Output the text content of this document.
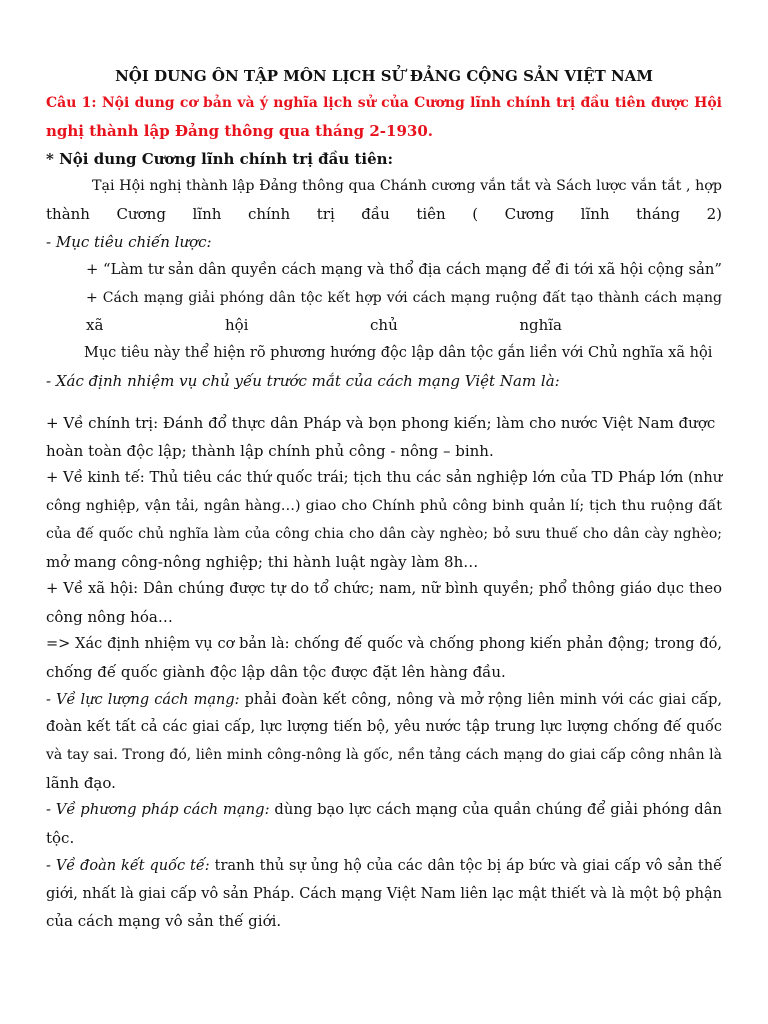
NỘI DUNG ÔN TẬP MÔN LỊCH SỬ ĐẢNG CỘNG SẢN VIỆT NAM
Câu 1: Nội dung cơ bản và ý nghĩa lịch sử của Cương lĩnh chính trị đầu tiên được Hội
nghị thành lập Đảng thông qua tháng 2-1930.
* Nội dung Cương lĩnh chính trị đầu tiên:
Tại Hội nghị thành lập Đảng thông qua Chánh cương vắn tắt và Sách lược vắn tắt , hợp
thành Cương lĩnh chính trị đầu tiên ( Cương lĩnh tháng 2)
- Mục tiêu chiến lược:
+ “Làm tư sản dân quyền cách mạng và thổ địa cách mạng để đi tới xã hội cộng sản”
+ Cách mạng giải phóng dân tộc kết hợp với cách mạng ruộng đất tạo thành cách mạng
xã hội chủ nghĩa
Mục tiêu này thể hiện rõ phương hướng độc lập dân tộc gắn liền với Chủ nghĩa xã hội
- Xác định nhiệm vụ chủ yếu trước mắt của cách mạng Việt Nam là:
+ Về chính trị: Đánh đổ thực dân Pháp và bọn phong kiến; làm cho nước Việt Nam được
hoàn toàn độc lập; thành lập chính phủ công - nông – binh.
+ Về kinh tế: Thủ tiêu các thứ quốc trái; tịch thu các sản nghiệp lớn của TD Pháp lớn (như
công nghiệp, vận tải, ngân hàng…) giao cho Chính phủ công binh quản lí; tịch thu ruộng đất
của đế quốc chủ nghĩa làm của công chia cho dân cày nghèo; bỏ sưu thuế cho dân cày nghèo;
mở mang công-nông nghiệp; thi hành luật ngày làm 8h…
+ Về xã hội: Dân chúng được tự do tổ chức; nam, nữ bình quyền; phổ thông giáo dục theo
công nông hóa…
=> Xác định nhiệm vụ cơ bản là: chống đế quốc và chống phong kiến phản động; trong đó,
chống đế quốc giành độc lập dân tộc được đặt lên hàng đầu.
- Về lực lượng cách mạng: phải đoàn kết công, nông và mở rộng liên minh với các giai cấp,
đoàn kết tất cả các giai cấp, lực lượng tiến bộ, yêu nước tập trung lực lượng chống đế quốc
và tay sai. Trong đó, liên minh công-nông là gốc, nền tảng cách mạng do giai cấp công nhân là
lãnh đạo.
- Về phương pháp cách mạng: dùng bạo lực cách mạng của quần chúng để giải phóng dân
tộc.
- Về đoàn kết quốc tế: tranh thủ sự ủng hộ của các dân tộc bị áp bức và giai cấp vô sản thế
giới, nhất là giai cấp vô sản Pháp. Cách mạng Việt Nam liên lạc mật thiết và là một bộ phận
của cách mạng vô sản thế giới.
